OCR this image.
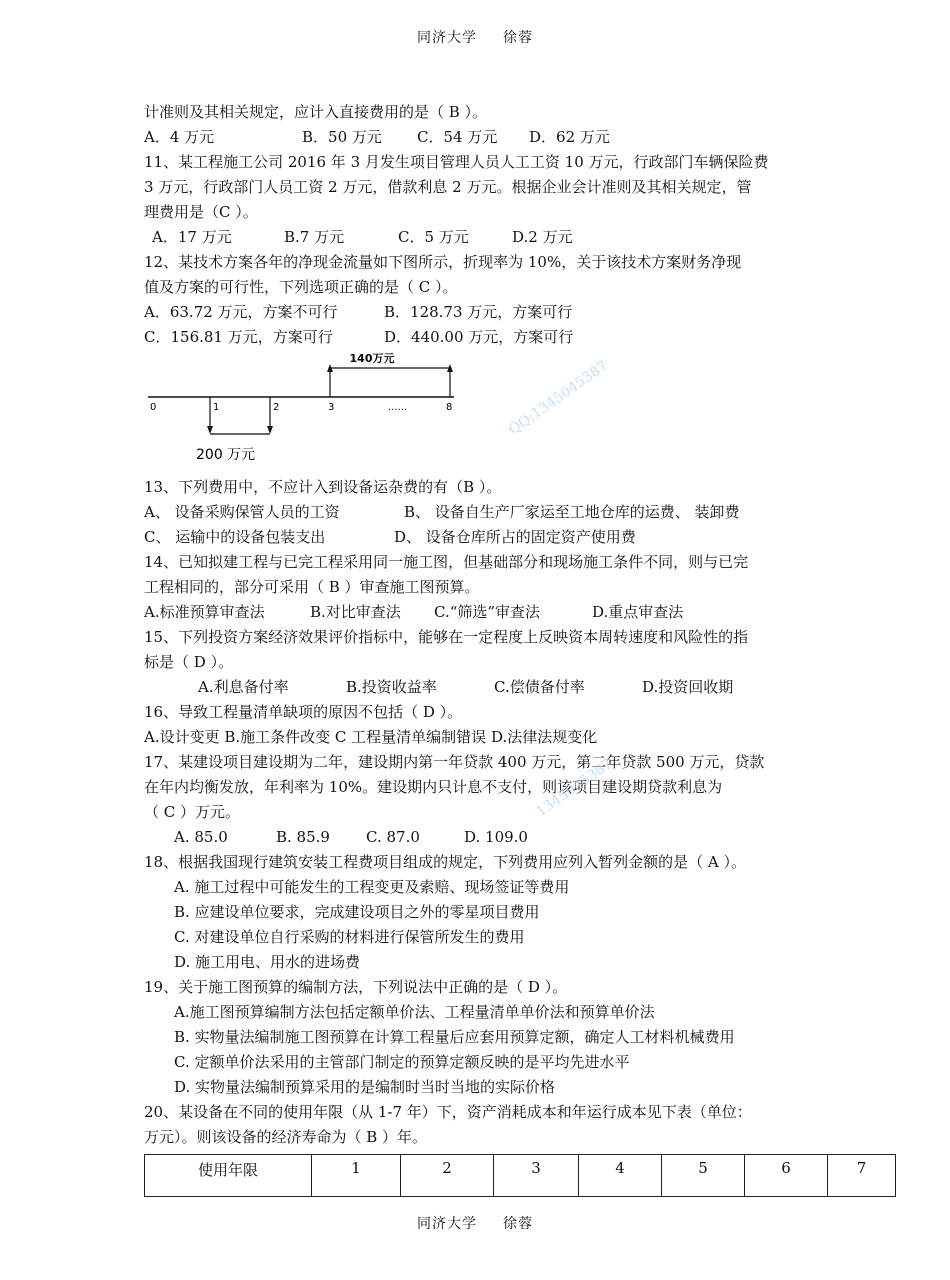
同济大学 徐蓉

计准则及其相关规定，应计入直接费用的是（ B ）。

A．4 万元	B．50 万元	C．54 万元	D．62 万元

11、某工程施工公司 2016 年 3 月发生项目管理人员人工工资 10 万元，行政部门车辆保险费

3 万元，行政部门人员工资 2 万元，借款利息 2 万元。根据企业会计准则及其相关规定，管

理费用是（C ）。

A．17 万元	B.7 万元	C．5 万元	D.2 万元

12、某技术方案各年的净现金流量如下图所示，折现率为 10%，关于该技术方案财务净现

值及方案的可行性，下列选项正确的是（ C ）。

A．63.72 万元，方案不可行	B．128.73 万元，方案可行
C．156.81 万元，方案可行	D．440.00 万元，方案可行
140万元
0	1	2	3	......	8
200 万元

13、下列费用中，不应计入到设备运杂费的有（B ）。

A、 设备采购保管人员的工资	B、 设备自生产厂家运至工地仓库的运费、 装卸费
C、 运输中的设备包装支出	D、 设备仓库所占的固定资产使用费

14、已知拟建工程与已完工程采用同一施工图，但基础部分和现场施工条件不同，则与已完

工程相同的，部分可采用（ B ）审查施工图预算。

A.标准预算审查法	B.对比审查法	C.“筛选”审查法	D.重点审查法

15、下列投资方案经济效果评价指标中，能够在一定程度上反映资本周转速度和风险性的指

标是（ D ）。

A.利息备付率	B.投资收益率	C.偿债备付率	D.投资回收期

16、导致工程量清单缺项的原因不包括（ D ）。

A.设计变更 B.施工条件改变 C 工程量清单编制错误 D.法律法规变化

17、某建设项目建设期为二年，建设期内第一年贷款 400 万元，第二年贷款 500 万元，贷款

在年内均衡发放，年利率为 10%。建设期内只计息不支付，则该项目建设期贷款利息为

（ C ）万元。

A. 85.0	B. 85.9	C. 87.0	D. 109.0

18、根据我国现行建筑安装工程费项目组成的规定，下列费用应列入暂列金额的是（ A ）。

A. 施工过程中可能发生的工程变更及索赔、现场签证等费用

B. 应建设单位要求，完成建设项目之外的零星项目费用

C. 对建设单位自行采购的材料进行保管所发生的费用

D. 施工用电、用水的进场费

19、关于施工图预算的编制方法，下列说法中正确的是（ D ）。

A.施工图预算编制方法包括定额单价法、工程量清单单价法和预算单价法

B. 实物量法编制施工图预算在计算工程量后应套用预算定额，确定人工材料机械费用

C. 定额单价法采用的主管部门制定的预算定额反映的是平均先进水平

D. 实物量法编制预算采用的是编制时当时当地的实际价格

20、某设备在不同的使用年限（从 1-7 年）下，资产消耗成本和年运行成本见下表（单位：

万元）。则该设备的经济寿命为（ B ）年。

使用年限	1	2	3	4	5	6	7
QQ:1345045387
1345045387
同济大学 徐蓉
